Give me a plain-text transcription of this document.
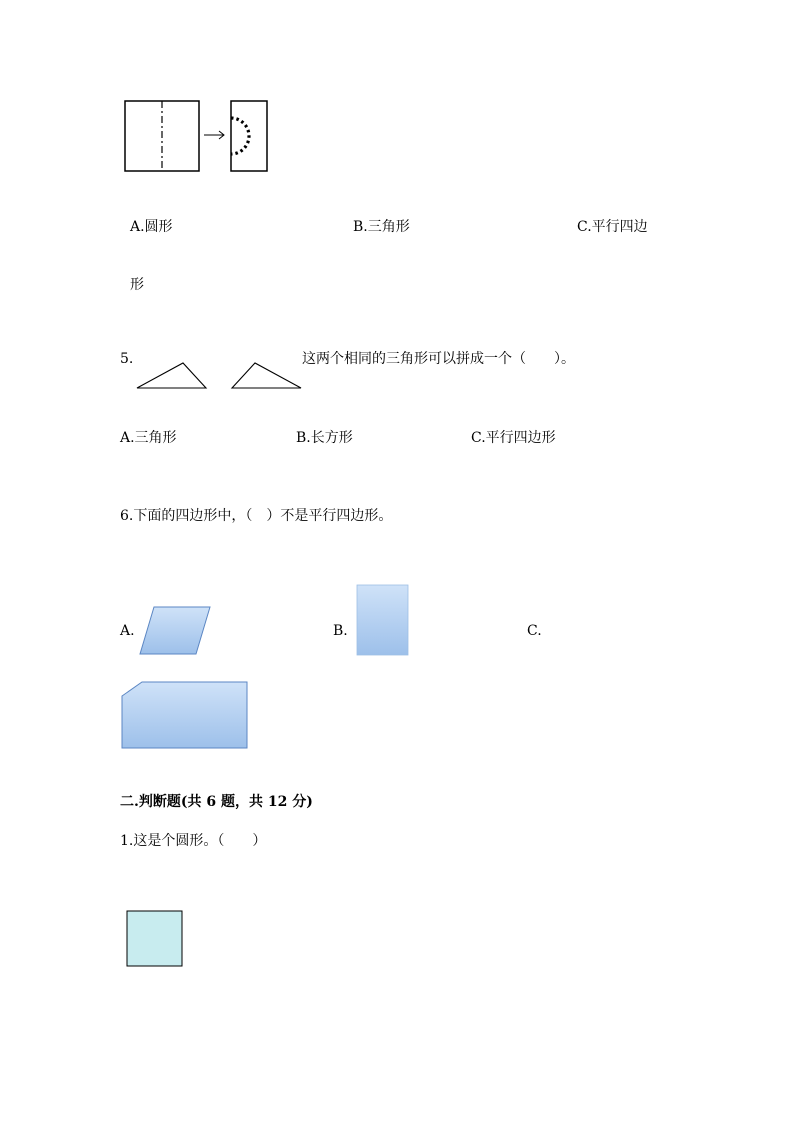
A.圆形	B.三角形	C.平行四边
形
5.	这两个相同的三角形可以拼成一个（　　）。
A.三角形	B.长方形	C.平行四边形
6.下面的四边形中，（　）不是平行四边形。
A.	B.	C.
二.判断题(共 6 题，共 12 分)
1.这是个圆形。（　　）
